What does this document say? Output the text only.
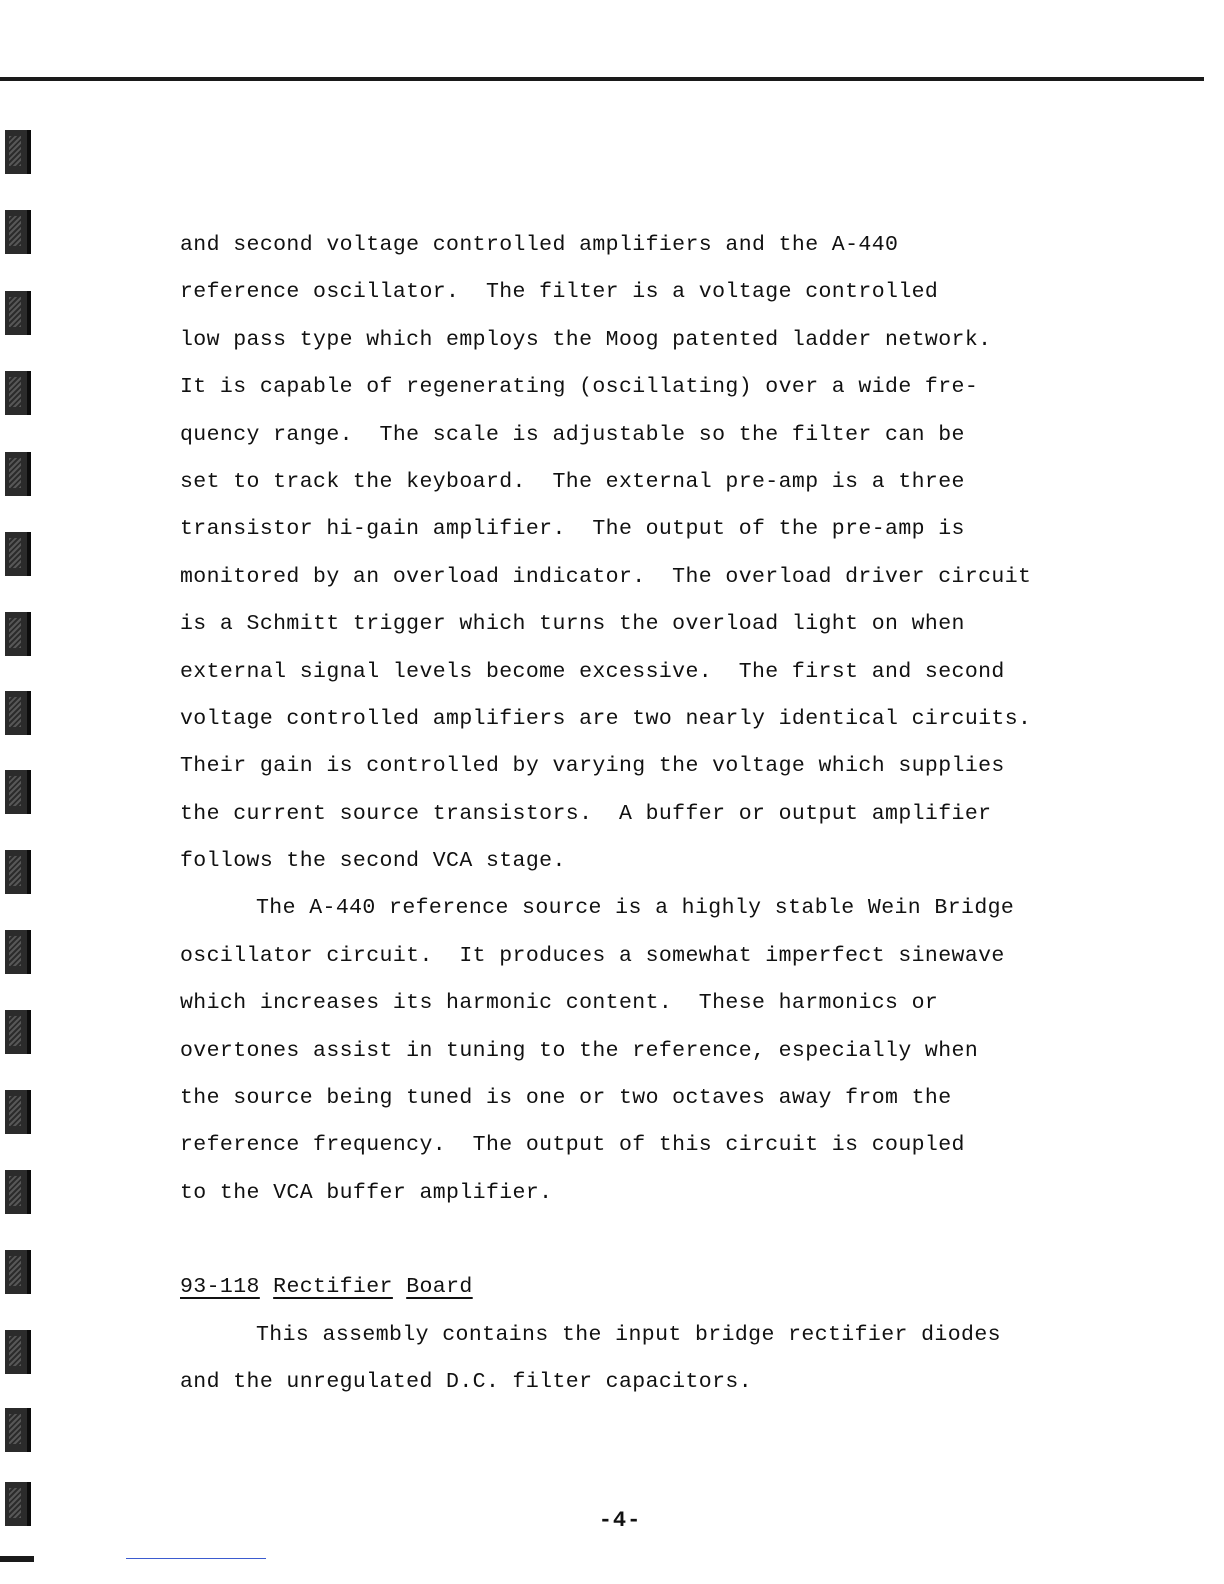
and second voltage controlled amplifiers and the A-440
reference oscillator.  The filter is a voltage controlled
low pass type which employs the Moog patented ladder network.
It is capable of regenerating (oscillating) over a wide fre-
quency range.  The scale is adjustable so the filter can be
set to track the keyboard.  The external pre-amp is a three
transistor hi-gain amplifier.  The output of the pre-amp is
monitored by an overload indicator.  The overload driver circuit
is a Schmitt trigger which turns the overload light on when
external signal levels become excessive.  The first and second
voltage controlled amplifiers are two nearly identical circuits.
Their gain is controlled by varying the voltage which supplies
the current source transistors.  A buffer or output amplifier
follows the second VCA stage.
The A-440 reference source is a highly stable Wein Bridge
oscillator circuit.  It produces a somewhat imperfect sinewave
which increases its harmonic content.  These harmonics or
overtones assist in tuning to the reference, especially when
the source being tuned is one or two octaves away from the
reference frequency.  The output of this circuit is coupled
to the VCA buffer amplifier.
93-118 Rectifier Board
This assembly contains the input bridge rectifier diodes
and the unregulated D.C. filter capacitors.
-4-
